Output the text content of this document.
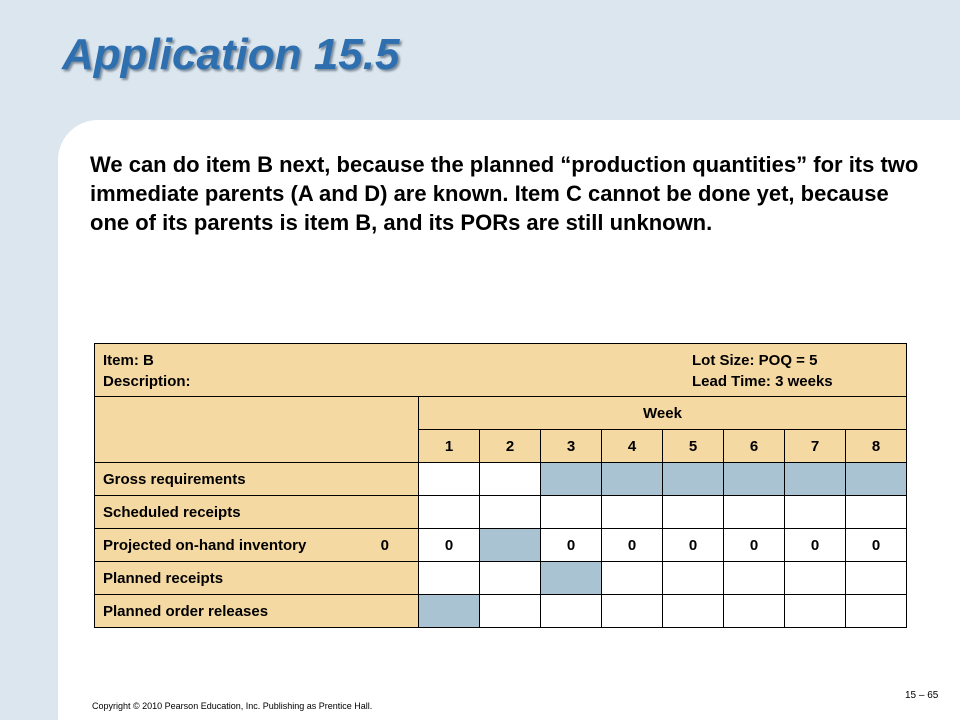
Application 15.5
We can do item B next, because the planned “production quantities” for its two immediate parents (A and D) are known. Item C cannot be done yet, because one of its parents is item B, and its PORs are still unknown.
Item: B
Description:
Lot Size: POQ = 5
Lead Time: 3 weeks								

	Week							
	1	2	3	4	5	6	7	8
Gross requirements								
Scheduled receipts								
Projected on-hand inventory 0	0		0	0	0	0	0	0
Planned receipts								
Planned order releases								
Copyright © 2010 Pearson Education, Inc. Publishing as Prentice Hall.
15 – 65
